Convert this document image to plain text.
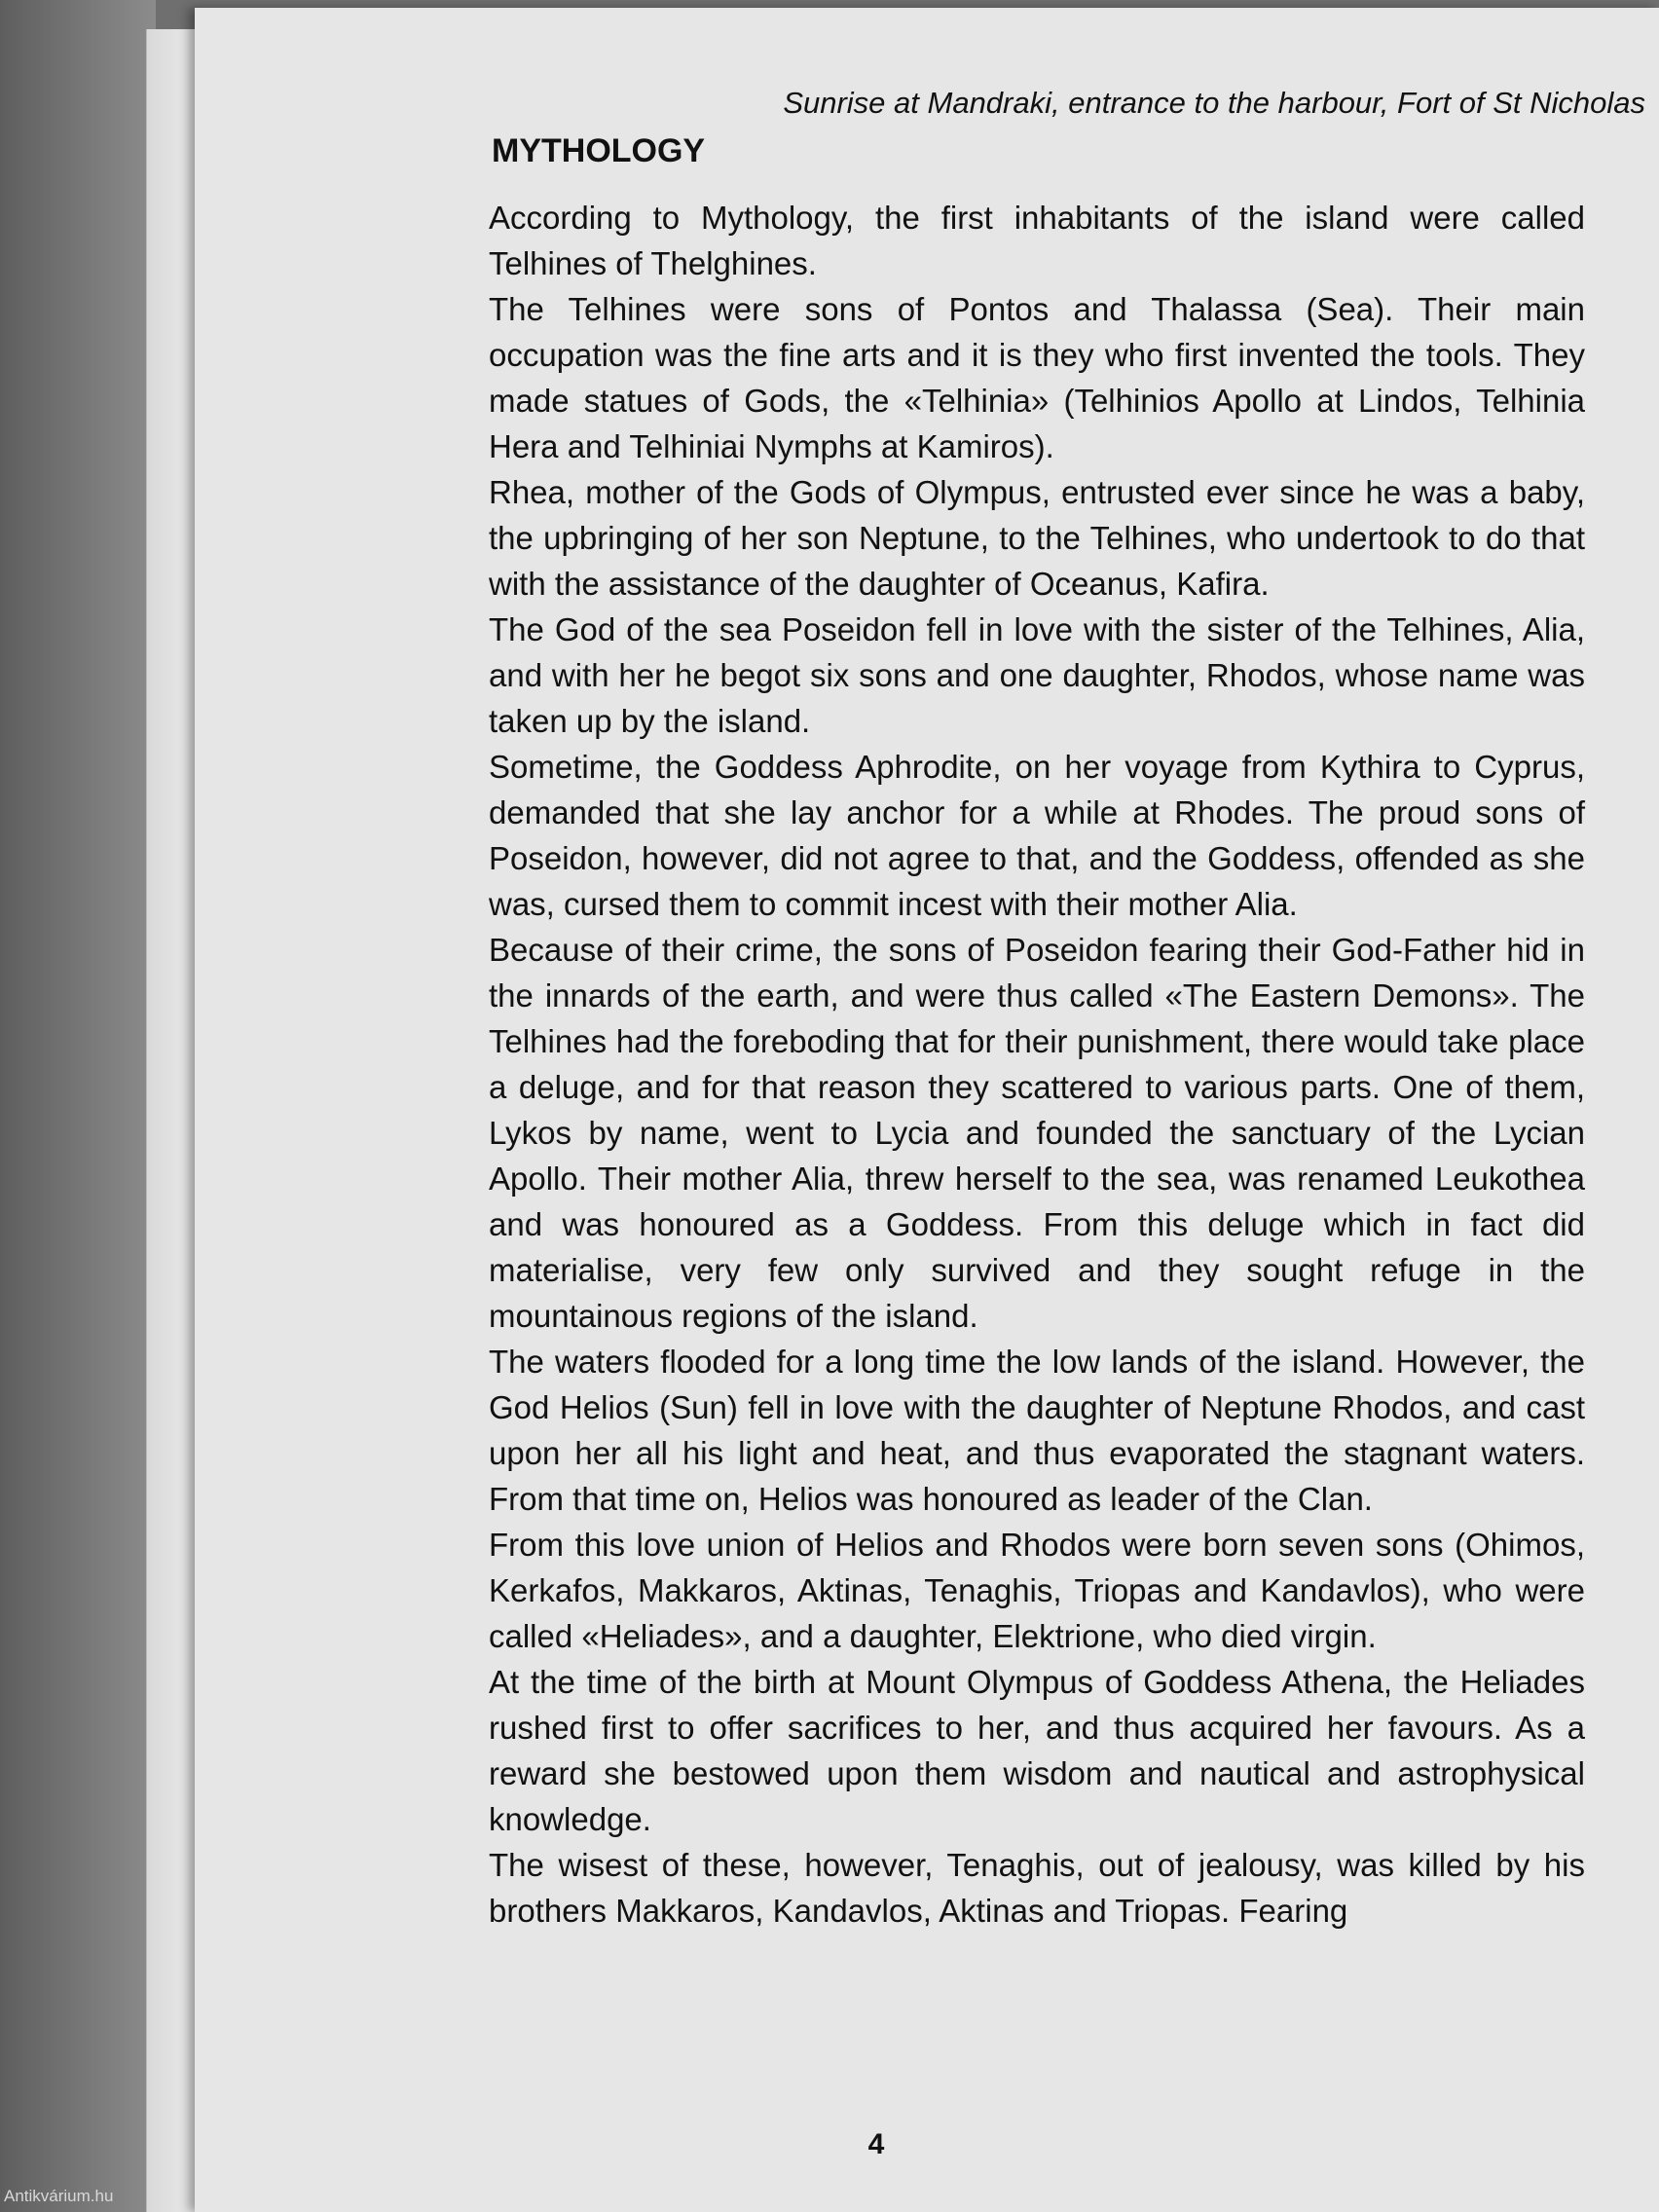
Sunrise at Mandraki, entrance to the harbour, Fort of St Nicholas
MYTHOLOGY

According to Mythology, the first inhabitants of the island were called Telhines of Thelghines.

The Telhines were sons of Pontos and Thalassa (Sea). Their main occupation was the fine arts and it is they who first invented the tools. They made statues of Gods, the «Telhinia» (Telhinios Apollo at Lindos, Telhinia Hera and Telhiniai Nymphs at Kamiros).

Rhea, mother of the Gods of Olympus, entrusted ever since he was a baby, the upbringing of her son Neptune, to the Telhines, who undertook to do that with the assistance of the daughter of Oceanus, Kafira.

The God of the sea Poseidon fell in love with the sister of the Telhines, Alia, and with her he begot six sons and one daughter, Rhodos, whose name was taken up by the island.

Sometime, the Goddess Aphrodite, on her voyage from Kythira to Cyprus, demanded that she lay anchor for a while at Rhodes. The proud sons of Poseidon, however, did not agree to that, and the Goddess, offended as she was, cursed them to commit incest with their mother Alia.

Because of their crime, the sons of Poseidon fearing their God-Father hid in the innards of the earth, and were thus called «The Eastern Demons». The Telhines had the foreboding that for their punishment, there would take place a deluge, and for that reason they scattered to various parts. One of them, Lykos by name, went to Lycia and founded the sanctuary of the Lycian Apollo. Their mother Alia, threw herself to the sea, was renamed Leukothea and was honoured as a Goddess. From this deluge which in fact did materialise, very few only survived and they sought refuge in the mountainous regions of the island.

The waters flooded for a long time the low lands of the island. However, the God Helios (Sun) fell in love with the daughter of Neptune Rhodos, and cast upon her all his light and heat, and thus evaporated the stagnant waters. From that time on, Helios was honoured as leader of the Clan.

From this love union of Helios and Rhodos were born seven sons (Ohimos, Kerkafos, Makkaros, Aktinas, Tenaghis, Triopas and Kandavlos), who were called «Heliades», and a daughter, Elektrione, who died virgin.

At the time of the birth at Mount Olympus of Goddess Athena, the Heliades rushed first to offer sacrifices to her, and thus acquired her favours. As a reward she bestowed upon them wisdom and nautical and astrophysical knowledge.

The wisest of these, however, Tenaghis, out of jealousy, was killed by his brothers Makkaros, Kandavlos, Aktinas and Triopas. Fearing

4
Antikvárium.hu
